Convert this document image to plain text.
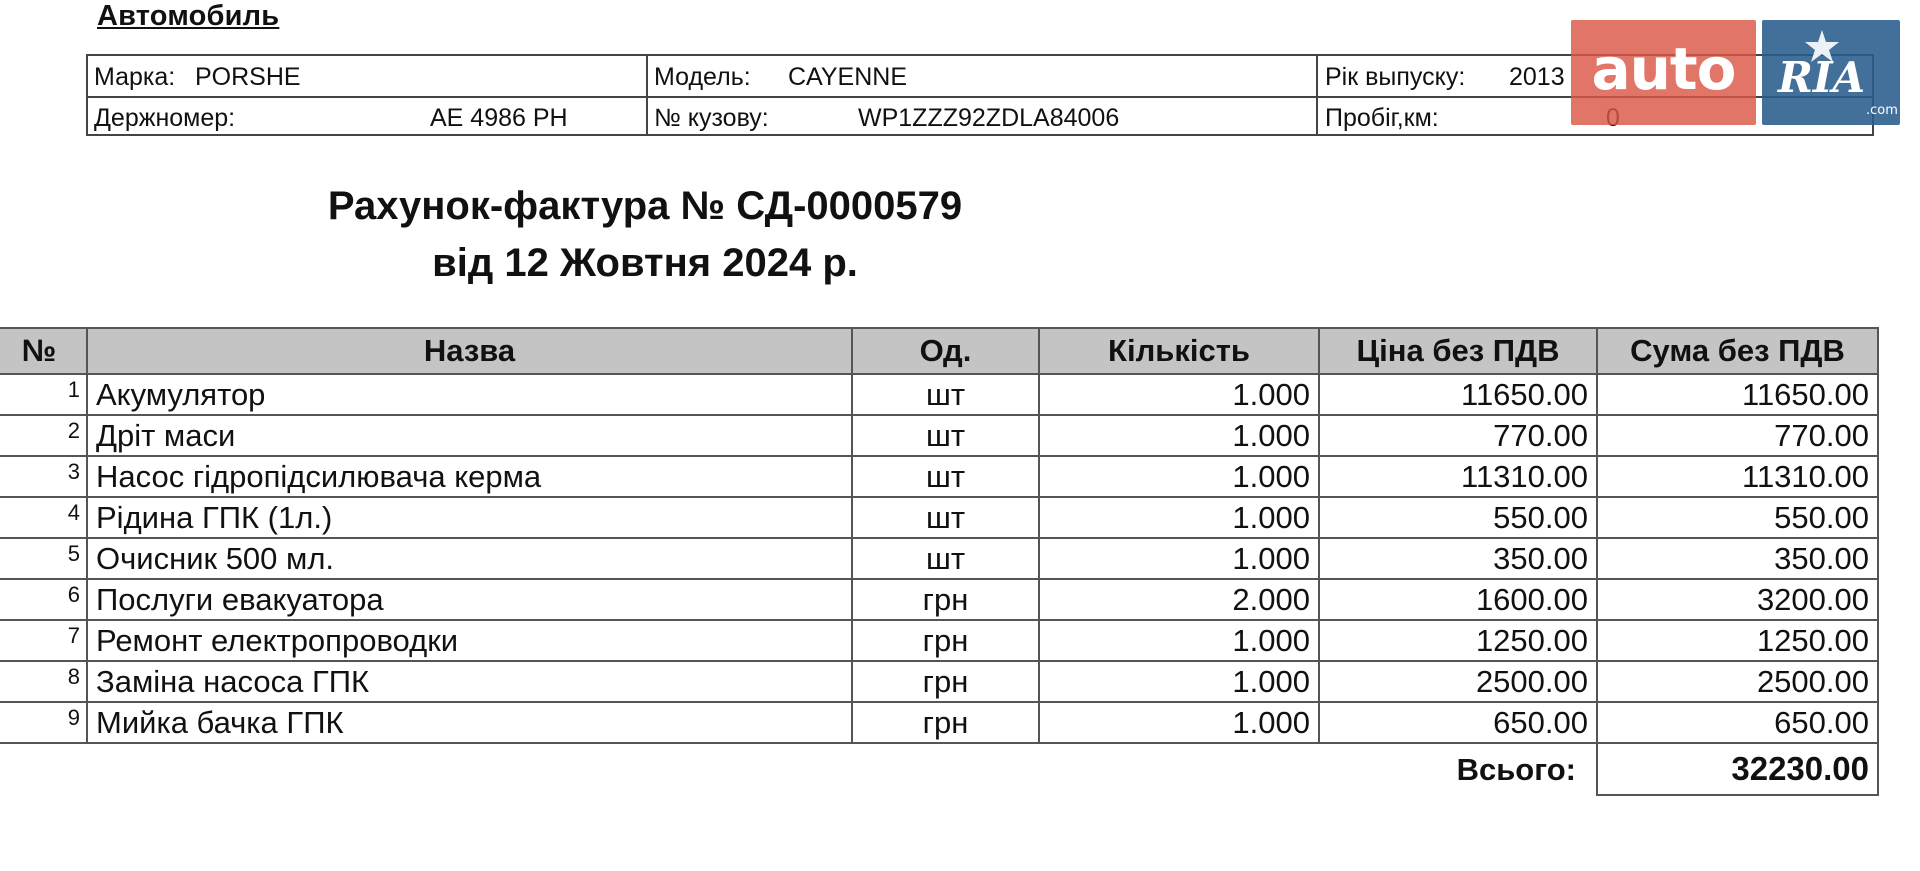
Автомобиль
Марка: PORSHE	Модель: CAYENNE	Рік выпуску: 2013
Держномер:	AE 4986 PH	№ кузову:	WP1ZZZ92ZDLA84006	Пробіг,км:
auto RIA
.com
Рахунок-фактура № СД-0000579
від 12 Жовтня 2024 р.
№	Назва	Од.	Кількість	Ціна без ПДВ	Сума без ПДВ
1	Акумулятор	шт	1.000	11650.00	11650.00
2	Дріт маси	шт	1.000	770.00	770.00
3	Насос гідропідсилювача керма	шт	1.000	11310.00	11310.00
4	Рідина ГПК (1л.)	шт	1.000	550.00	550.00
5	Очисник 500 мл.	шт	1.000	350.00	350.00
6	Послуги евакуатора	грн	2.000	1600.00	3200.00
7	Ремонт електропроводки	грн	1.000	1250.00	1250.00
8	Заміна насоса ГПК	грн	1.000	2500.00	2500.00
9	Мийка бачка ГПК	грн	1.000	650.00	650.00
Всього:					32230.00
